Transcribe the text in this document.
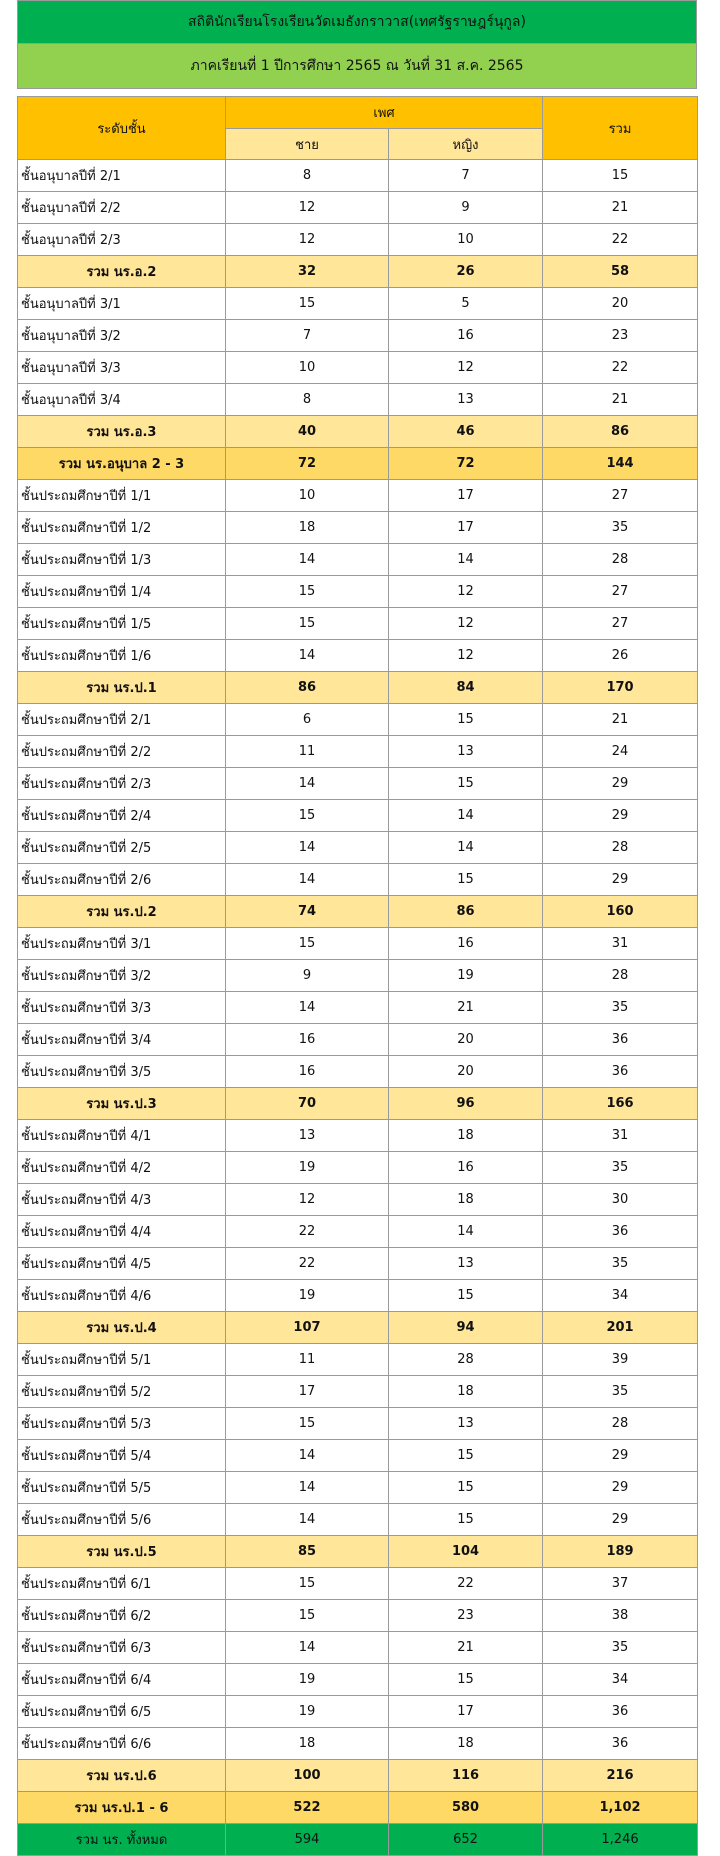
สถิตินักเรียนโรงเรียนวัดเมธังกราวาส(เทศรัฐราษฎร์นุกูล)
ภาคเรียนที่ 1 ปีการศึกษา 2565 ณ วันที่ 31 ส.ค. 2565
ระดับชั้น	เพศ		รวม
	ชาย	หญิง	
ชั้นอนุบาลปีที่ 2/1	8	7	15
ชั้นอนุบาลปีที่ 2/2	12	9	21
ชั้นอนุบาลปีที่ 2/3	12	10	22
รวม นร.อ.2	32	26	58
ชั้นอนุบาลปีที่ 3/1	15	5	20
ชั้นอนุบาลปีที่ 3/2	7	16	23
ชั้นอนุบาลปีที่ 3/3	10	12	22
ชั้นอนุบาลปีที่ 3/4	8	13	21
รวม นร.อ.3	40	46	86
รวม นร.อนุบาล 2 - 3	72	72	144
ชั้นประถมศึกษาปีที่ 1/1	10	17	27
ชั้นประถมศึกษาปีที่ 1/2	18	17	35
ชั้นประถมศึกษาปีที่ 1/3	14	14	28
ชั้นประถมศึกษาปีที่ 1/4	15	12	27
ชั้นประถมศึกษาปีที่ 1/5	15	12	27
ชั้นประถมศึกษาปีที่ 1/6	14	12	26
รวม นร.ป.1	86	84	170
ชั้นประถมศึกษาปีที่ 2/1	6	15	21
ชั้นประถมศึกษาปีที่ 2/2	11	13	24
ชั้นประถมศึกษาปีที่ 2/3	14	15	29
ชั้นประถมศึกษาปีที่ 2/4	15	14	29
ชั้นประถมศึกษาปีที่ 2/5	14	14	28
ชั้นประถมศึกษาปีที่ 2/6	14	15	29
รวม นร.ป.2	74	86	160
ชั้นประถมศึกษาปีที่ 3/1	15	16	31
ชั้นประถมศึกษาปีที่ 3/2	9	19	28
ชั้นประถมศึกษาปีที่ 3/3	14	21	35
ชั้นประถมศึกษาปีที่ 3/4	16	20	36
ชั้นประถมศึกษาปีที่ 3/5	16	20	36
รวม นร.ป.3	70	96	166
ชั้นประถมศึกษาปีที่ 4/1	13	18	31
ชั้นประถมศึกษาปีที่ 4/2	19	16	35
ชั้นประถมศึกษาปีที่ 4/3	12	18	30
ชั้นประถมศึกษาปีที่ 4/4	22	14	36
ชั้นประถมศึกษาปีที่ 4/5	22	13	35
ชั้นประถมศึกษาปีที่ 4/6	19	15	34
รวม นร.ป.4	107	94	201
ชั้นประถมศึกษาปีที่ 5/1	11	28	39
ชั้นประถมศึกษาปีที่ 5/2	17	18	35
ชั้นประถมศึกษาปีที่ 5/3	15	13	28
ชั้นประถมศึกษาปีที่ 5/4	14	15	29
ชั้นประถมศึกษาปีที่ 5/5	14	15	29
ชั้นประถมศึกษาปีที่ 5/6	14	15	29
รวม นร.ป.5	85	104	189
ชั้นประถมศึกษาปีที่ 6/1	15	22	37
ชั้นประถมศึกษาปีที่ 6/2	15	23	38
ชั้นประถมศึกษาปีที่ 6/3	14	21	35
ชั้นประถมศึกษาปีที่ 6/4	19	15	34
ชั้นประถมศึกษาปีที่ 6/5	19	17	36
ชั้นประถมศึกษาปีที่ 6/6	18	18	36
รวม นร.ป.6	100	116	216
รวม นร.ป.1 - 6	522	580	1,102
รวม นร. ทั้งหมด	594	652	1,246
